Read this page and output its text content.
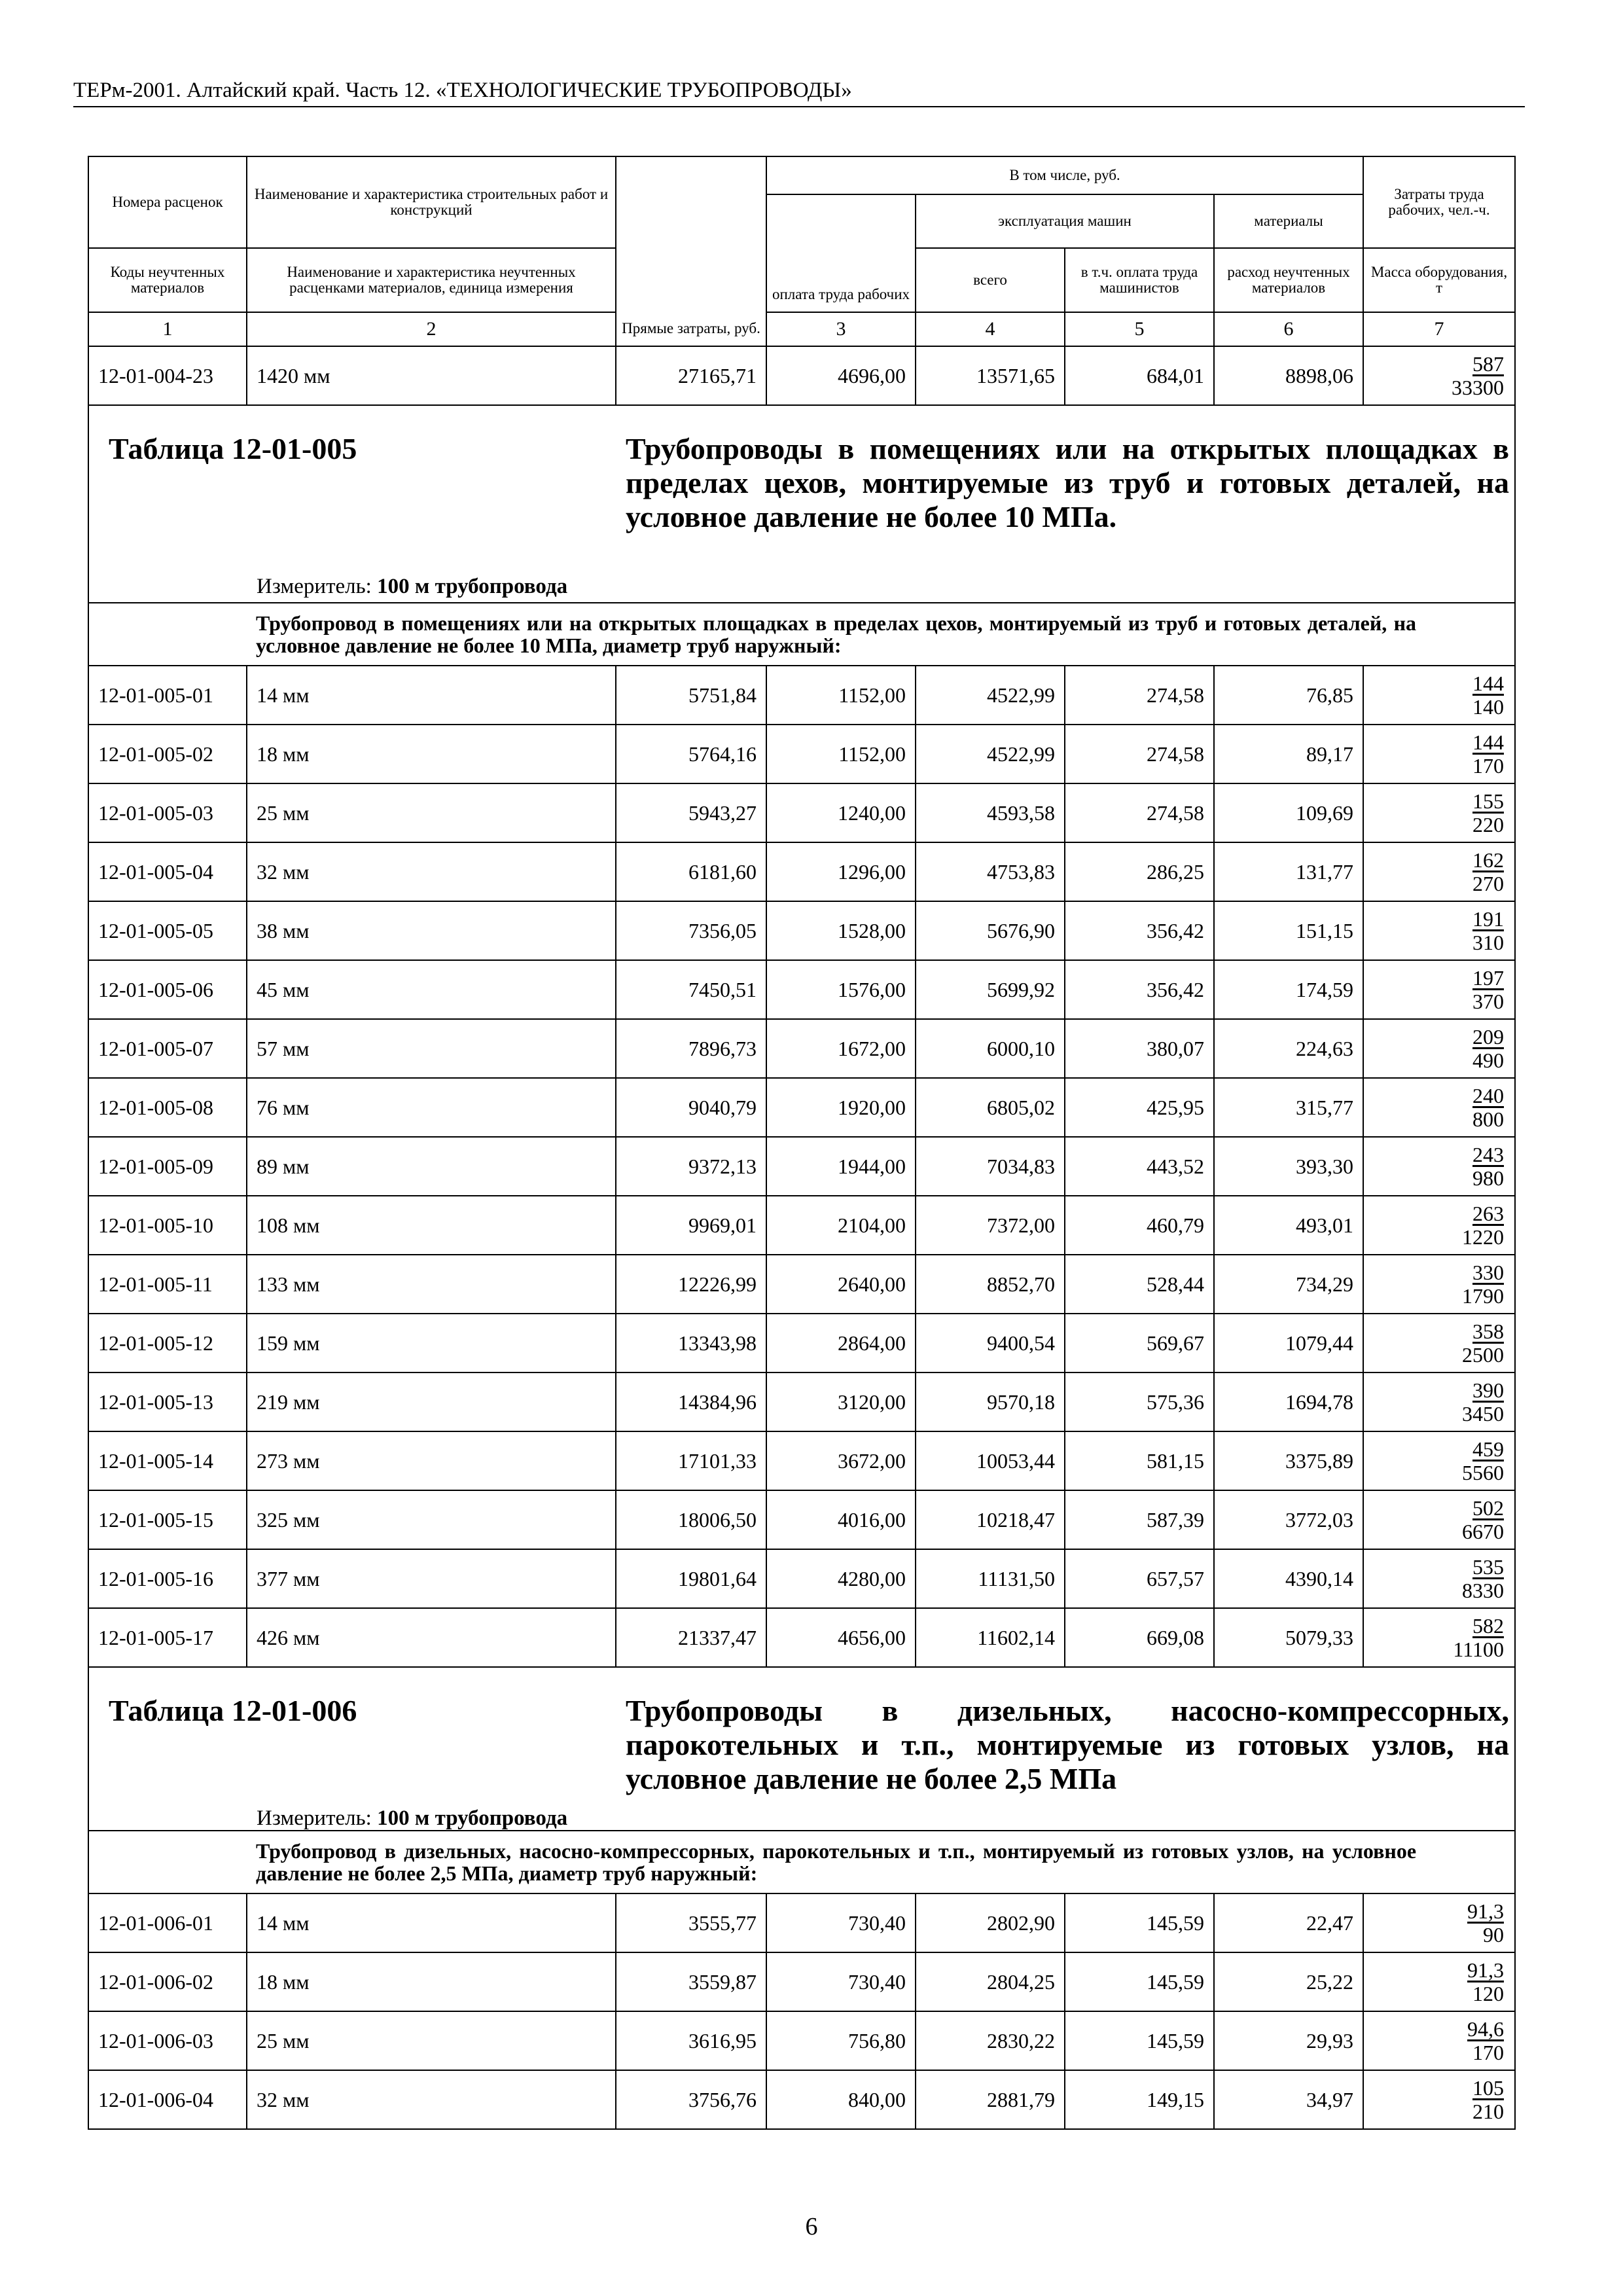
ТЕРм-2001. Алтайский край. Часть 12. «ТЕХНОЛОГИЧЕСКИЕ ТРУБОПРОВОДЫ»
Номера расценок	Наименование и характеристика строительных работ и конструкций	Прямые затраты, руб.	В том числе, руб.				Затраты труда рабочих, чел.-ч.	
			оплата труда рабочих	эксплуатация машин		материалы		
Коды неучтенных материалов	Наименование и характеристика неучтенных расценками материалов, единица измерения			всего	в т.ч. оплата труда машинистов	расход неучтенных материалов	Масса оборудования, т	
1	2		3	4	5	6	7	
12-01-004-23	1420 мм	27165,71	4696,00	13571,65	684,01	8898,06	$\frac{587}{33300}$

Таблица 12-01-005 Трубопроводы в помещениях или на открытых площадках в пределах цехов, монтируемые из труб и готовых деталей, на условное давление не более 10 МПа.
Измеритель: 100 м трубопровода								

Трубопровод в помещениях или на открытых площадках в пределах цехов, монтируемый из труб и готовых деталей, на условное давление не более 10 МПа, диаметр труб наружный:								
12-01-005-01	14 мм	5751,84	1152,00	4522,99	274,58	76,85	$\frac{144}{140}$

12-01-005-02	18 мм	5764,16	1152,00	4522,99	274,58	89,17	$\frac{144}{170}$

12-01-005-03	25 мм	5943,27	1240,00	4593,58	274,58	109,69	$\frac{155}{220}$

12-01-005-04	32 мм	6181,60	1296,00	4753,83	286,25	131,77	$\frac{162}{270}$

12-01-005-05	38 мм	7356,05	1528,00	5676,90	356,42	151,15	$\frac{191}{310}$

12-01-005-06	45 мм	7450,51	1576,00	5699,92	356,42	174,59	$\frac{197}{370}$

12-01-005-07	57 мм	7896,73	1672,00	6000,10	380,07	224,63	$\frac{209}{490}$

12-01-005-08	76 мм	9040,79	1920,00	6805,02	425,95	315,77	$\frac{240}{800}$

12-01-005-09	89 мм	9372,13	1944,00	7034,83	443,52	393,30	$\frac{243}{980}$

12-01-005-10	108 мм	9969,01	2104,00	7372,00	460,79	493,01	$\frac{263}{1220}$

12-01-005-11	133 мм	12226,99	2640,00	8852,70	528,44	734,29	$\frac{330}{1790}$

12-01-005-12	159 мм	13343,98	2864,00	9400,54	569,67	1079,44	$\frac{358}{2500}$

12-01-005-13	219 мм	14384,96	3120,00	9570,18	575,36	1694,78	$\frac{390}{3450}$

12-01-005-14	273 мм	17101,33	3672,00	10053,44	581,15	3375,89	$\frac{459}{5560}$

12-01-005-15	325 мм	18006,50	4016,00	10218,47	587,39	3772,03	$\frac{502}{6670}$

12-01-005-16	377 мм	19801,64	4280,00	11131,50	657,57	4390,14	$\frac{535}{8330}$

12-01-005-17	426 мм	21337,47	4656,00	11602,14	669,08	5079,33	$\frac{582}{11100}$

Таблица 12-01-006 Трубопроводы в дизельных, насосно-компрессорных, парокотельных и т.п., монтируемые из готовых узлов, на условное давление не более 2,5 МПа
Измеритель: 100 м трубопровода								

Трубопровод в дизельных, насосно-компрессорных, парокотельных и т.п., монтируемый из готовых узлов, на условное давление не более 2,5 МПа, диаметр труб наружный:								
12-01-006-01	14 мм	3555,77	730,40	2802,90	145,59	22,47	$\frac{91,3}{90}$

12-01-006-02	18 мм	3559,87	730,40	2804,25	145,59	25,22	$\frac{91,3}{120}$

12-01-006-03	25 мм	3616,95	756,80	2830,22	145,59	29,93	$\frac{94,6}{170}$

12-01-006-04	32 мм	3756,76	840,00	2881,79	149,15	34,97	$\frac{105}{210}$
6
